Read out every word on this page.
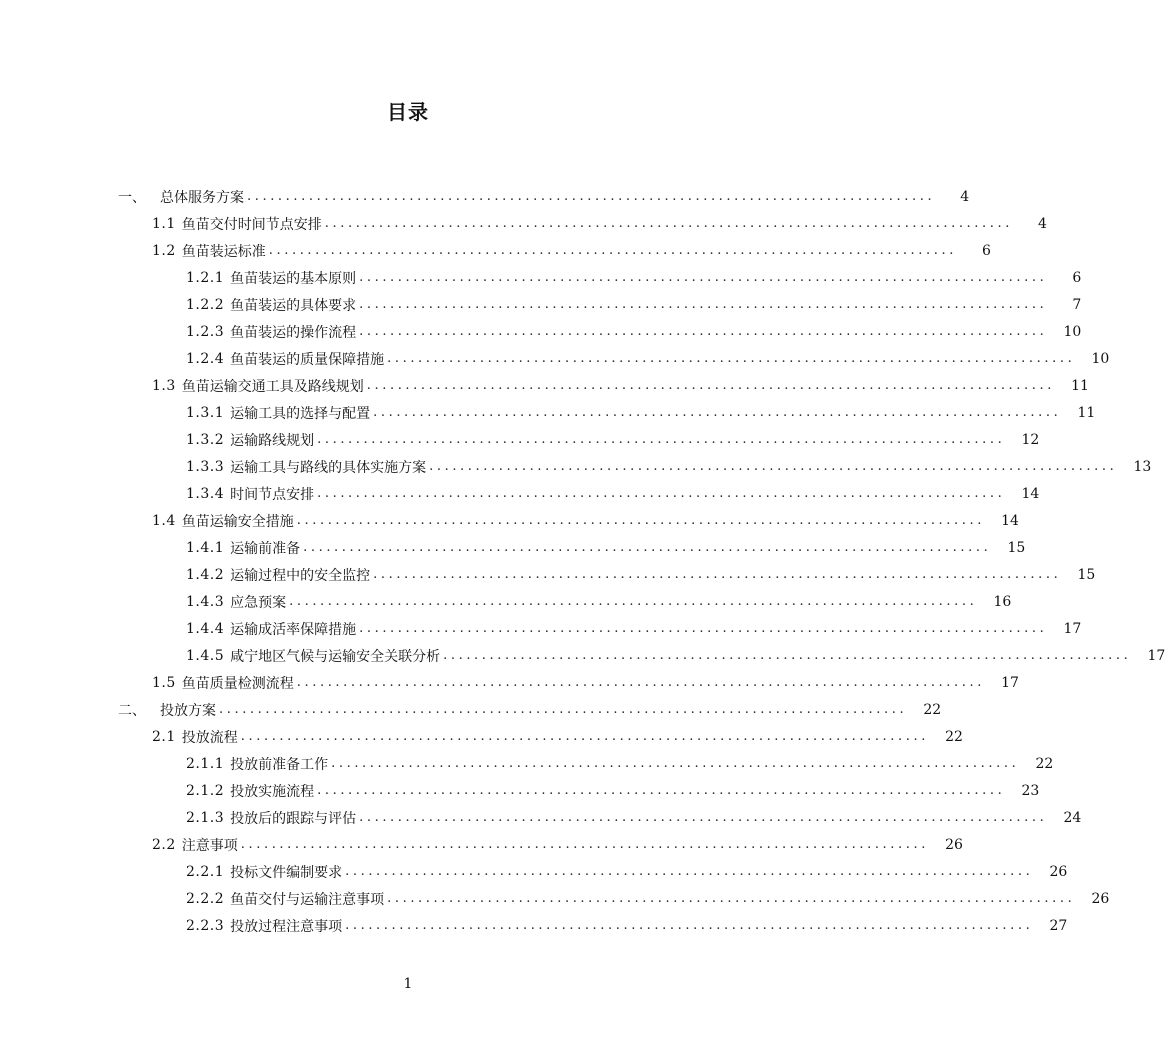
目录
一、	总体服务方案 .........................................................................................	4
1.1 鱼苗交付时间节点安排 .........................................................................................	4
1.2 鱼苗装运标准 .........................................................................................	6
1.2.1 鱼苗装运的基本原则 .........................................................................................	6
1.2.2 鱼苗装运的具体要求 .........................................................................................	7
1.2.3 鱼苗装运的操作流程 .........................................................................................	10
1.2.4 鱼苗装运的质量保障措施 .........................................................................................	10
1.3 鱼苗运输交通工具及路线规划 .........................................................................................	11
1.3.1 运输工具的选择与配置 .........................................................................................	11
1.3.2 运输路线规划 .........................................................................................	12
1.3.3 运输工具与路线的具体实施方案 .........................................................................................	13
1.3.4 时间节点安排 .........................................................................................	14
1.4 鱼苗运输安全措施 .........................................................................................	14
1.4.1 运输前准备 .........................................................................................	15
1.4.2 运输过程中的安全监控 .........................................................................................	15
1.4.3 应急预案 .........................................................................................	16
1.4.4 运输成活率保障措施 .........................................................................................	17
1.4.5 咸宁地区气候与运输安全关联分析 .........................................................................................	17
1.5 鱼苗质量检测流程 .........................................................................................	17
二、	投放方案 .........................................................................................	22
2.1 投放流程 .........................................................................................	22
2.1.1 投放前准备工作 .........................................................................................	22
2.1.2 投放实施流程 .........................................................................................	23
2.1.3 投放后的跟踪与评估 .........................................................................................	24
2.2 注意事项 .........................................................................................	26
2.2.1 投标文件编制要求 .........................................................................................	26
2.2.2 鱼苗交付与运输注意事项 .........................................................................................	26
2.2.3 投放过程注意事项 .........................................................................................	27
1
